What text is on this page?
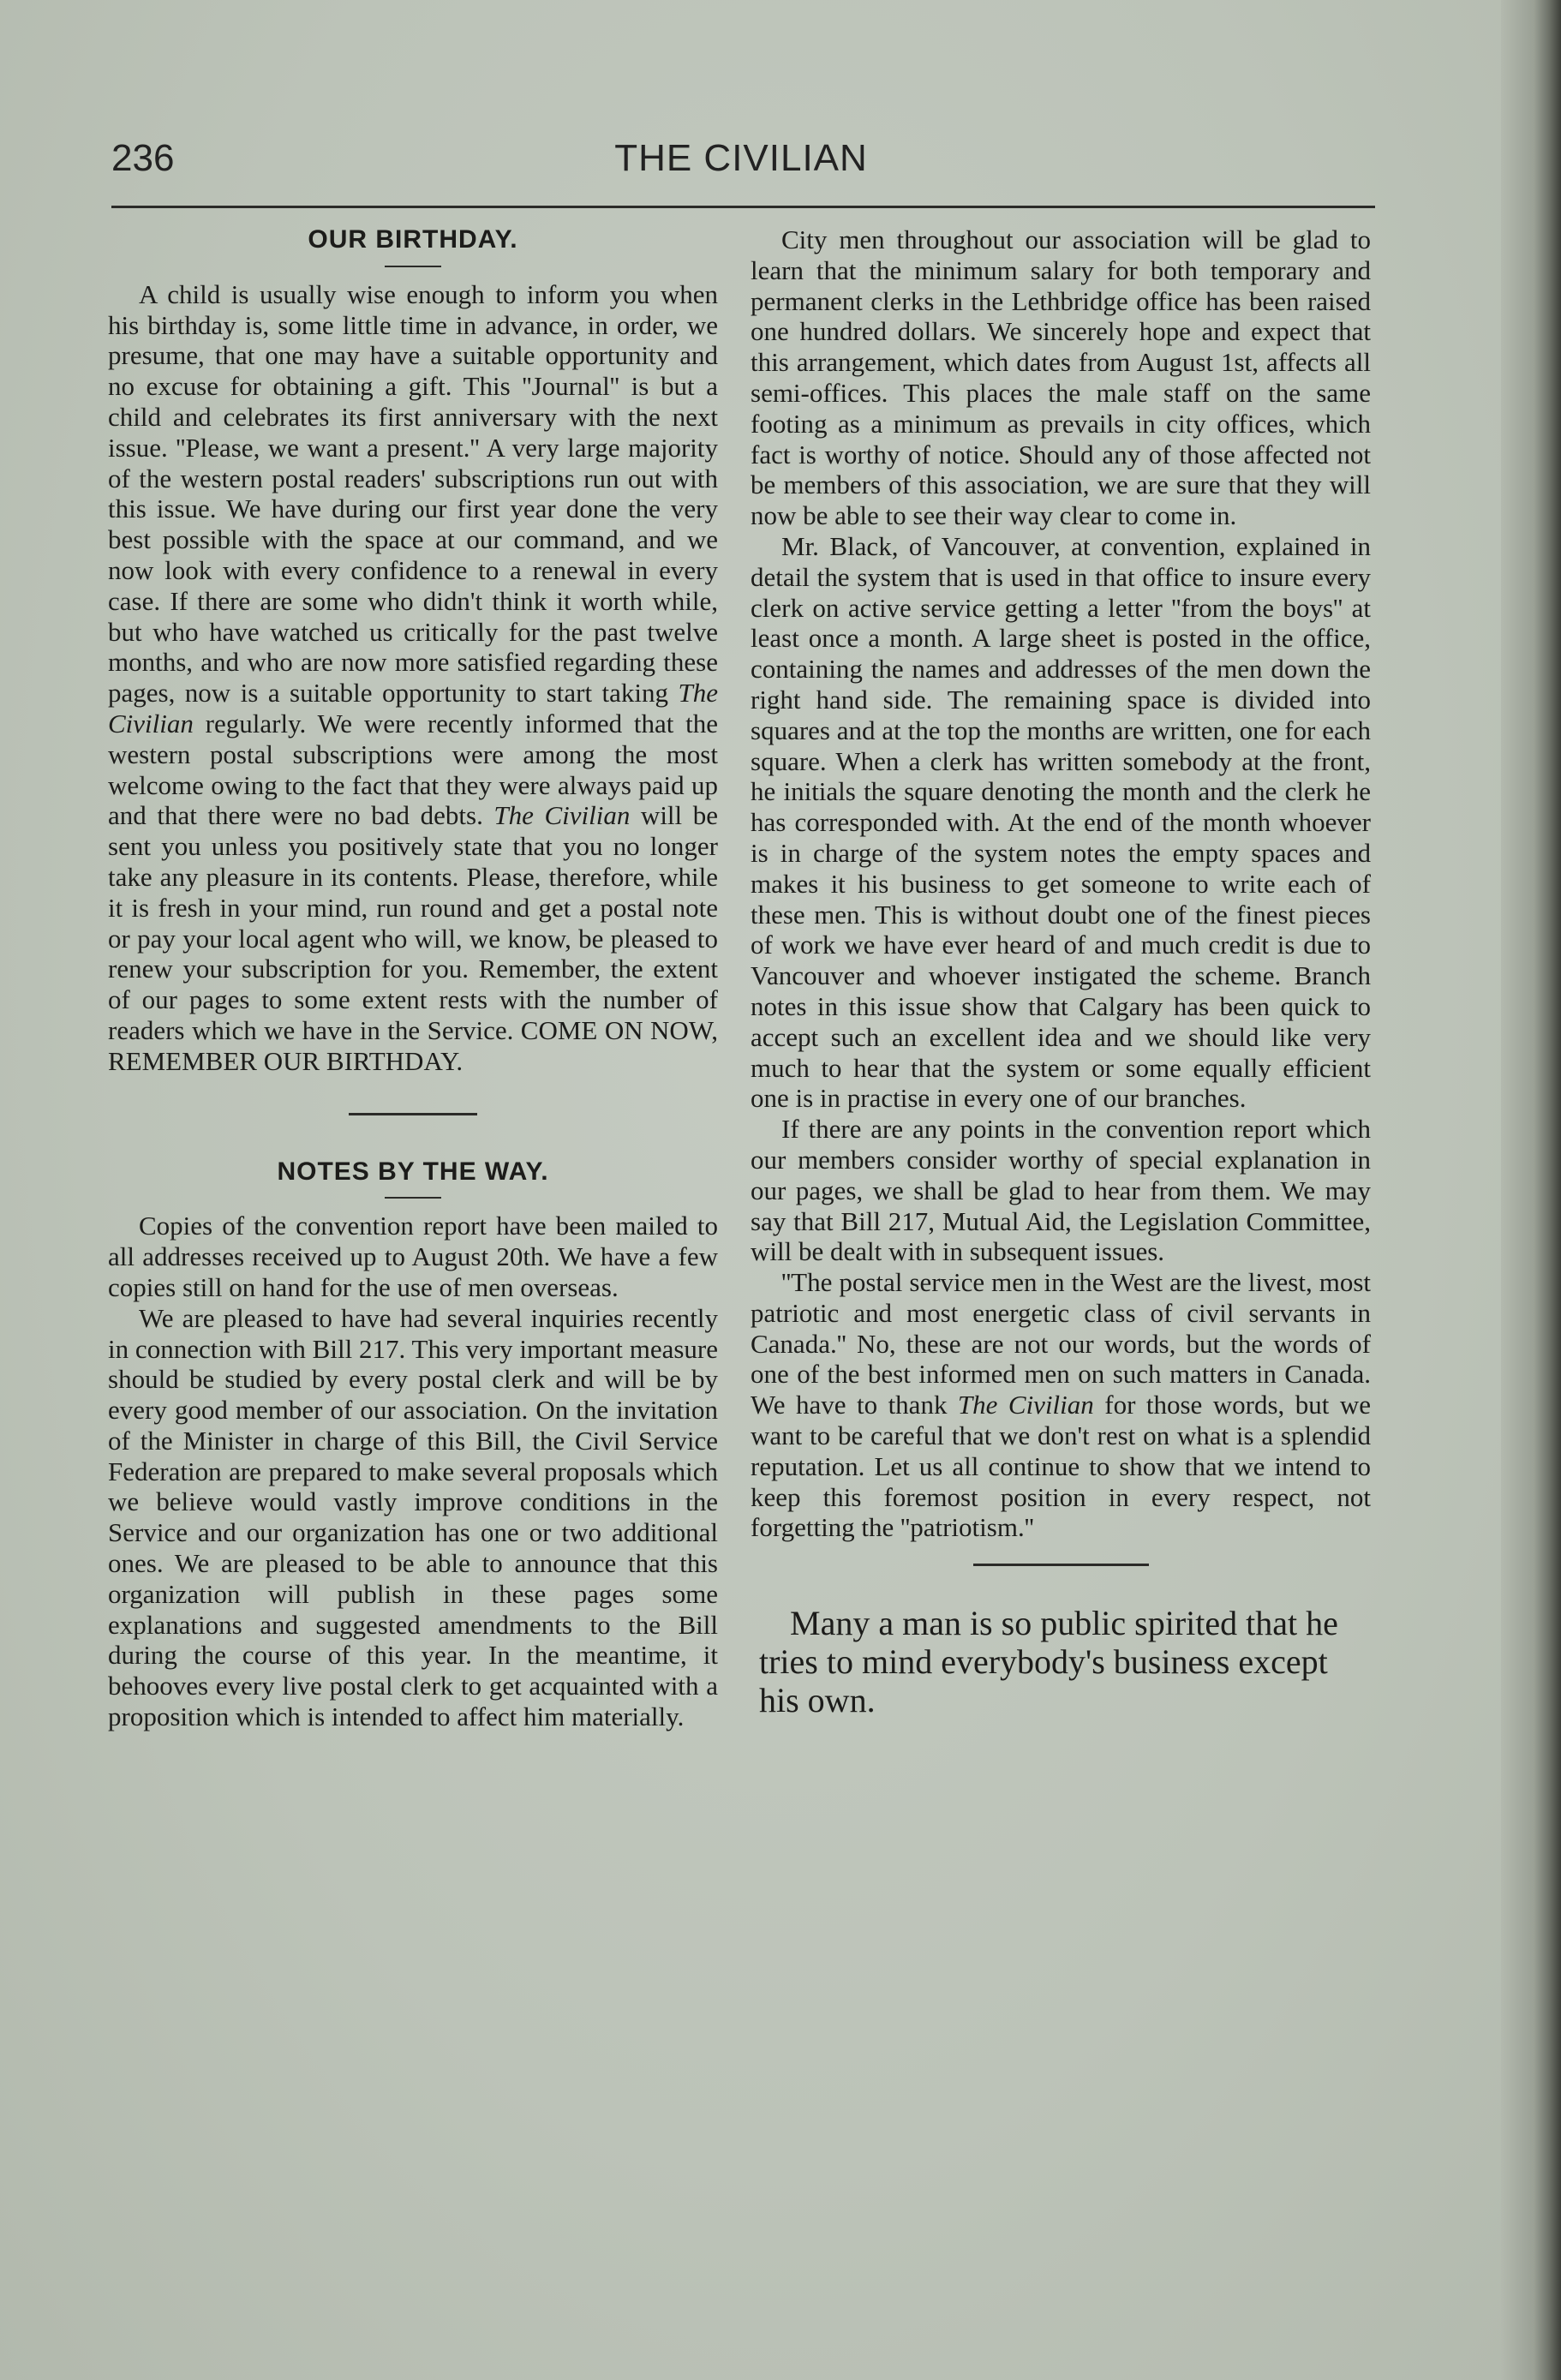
236	THE CIVILIAN
OUR BIRTHDAY.

A child is usually wise enough to inform you when his birthday is, some little time in advance, in order, we presume, that one may have a suitable opportunity and no excuse for obtaining a gift. This ''Journal'' is but a child and celebrates its first anniversary with the next issue. ''Please, we want a present.'' A very large majority of the western postal readers' subscriptions run out with this issue. We have during our first year done the very best possible with the space at our command, and we now look with every confidence to a renewal in every case. If there are some who didn't think it worth while, but who have watched us critically for the past twelve months, and who are now more satisfied regarding these pages, now is a suitable opportunity to start taking The Civilian regularly. We were recently informed that the western postal subscriptions were among the most welcome owing to the fact that they were always paid up and that there were no bad debts. The Civilian will be sent you unless you positively state that you no longer take any pleasure in its contents. Please, therefore, while it is fresh in your mind, run round and get a postal note or pay your local agent who will, we know, be pleased to renew your subscription for you. Remember, the extent of our pages to some extent rests with the number of readers which we have in the Service. COME ON NOW, REMEMBER OUR BIRTHDAY.

NOTES BY THE WAY.

Copies of the convention report have been mailed to all addresses received up to August 20th. We have a few copies still on hand for the use of men overseas.

We are pleased to have had several inquiries recently in connection with Bill 217. This very important measure should be studied by every postal clerk and will be by every good member of our association. On the invitation of the Minister in charge of this Bill, the Civil Service Federation are prepared to make several proposals which we believe would vastly improve conditions in the Service and our organization has one or two additional ones. We are pleased to be able to announce that this organization will publish in these pages some explanations and suggested amendments to the Bill during the course of this year. In the meantime, it behooves every live postal clerk to get acquainted with a proposition which is intended to affect him materially.

City men throughout our association will be glad to learn that the minimum salary for both temporary and permanent clerks in the Lethbridge office has been raised one hundred dollars. We sincerely hope and expect that this arrangement, which dates from August 1st, affects all semi-offices. This places the male staff on the same footing as a minimum as prevails in city offices, which fact is worthy of notice. Should any of those affected not be members of this association, we are sure that they will now be able to see their way clear to come in.

Mr. Black, of Vancouver, at convention, explained in detail the system that is used in that office to insure every clerk on active service getting a letter ''from the boys'' at least once a month. A large sheet is posted in the office, containing the names and addresses of the men down the right hand side. The remaining space is divided into squares and at the top the months are written, one for each square. When a clerk has written somebody at the front, he initials the square denoting the month and the clerk he has corresponded with. At the end of the month whoever is in charge of the system notes the empty spaces and makes it his business to get someone to write each of these men. This is without doubt one of the finest pieces of work we have ever heard of and much credit is due to Vancouver and whoever instigated the scheme. Branch notes in this issue show that Calgary has been quick to accept such an excellent idea and we should like very much to hear that the system or some equally efficient one is in practise in every one of our branches.

If there are any points in the convention report which our members consider worthy of special explanation in our pages, we shall be glad to hear from them. We may say that Bill 217, Mutual Aid, the Legislation Committee, will be dealt with in subsequent issues.

''The postal service men in the West are the livest, most patriotic and most energetic class of civil servants in Canada.'' No, these are not our words, but the words of one of the best informed men on such matters in Canada. We have to thank The Civilian for those words, but we want to be careful that we don't rest on what is a splendid reputation. Let us all continue to show that we intend to keep this foremost position in every respect, not forgetting the ''patriotism.''

Many a man is so public spirited that he tries to mind everybody's business except his own.
